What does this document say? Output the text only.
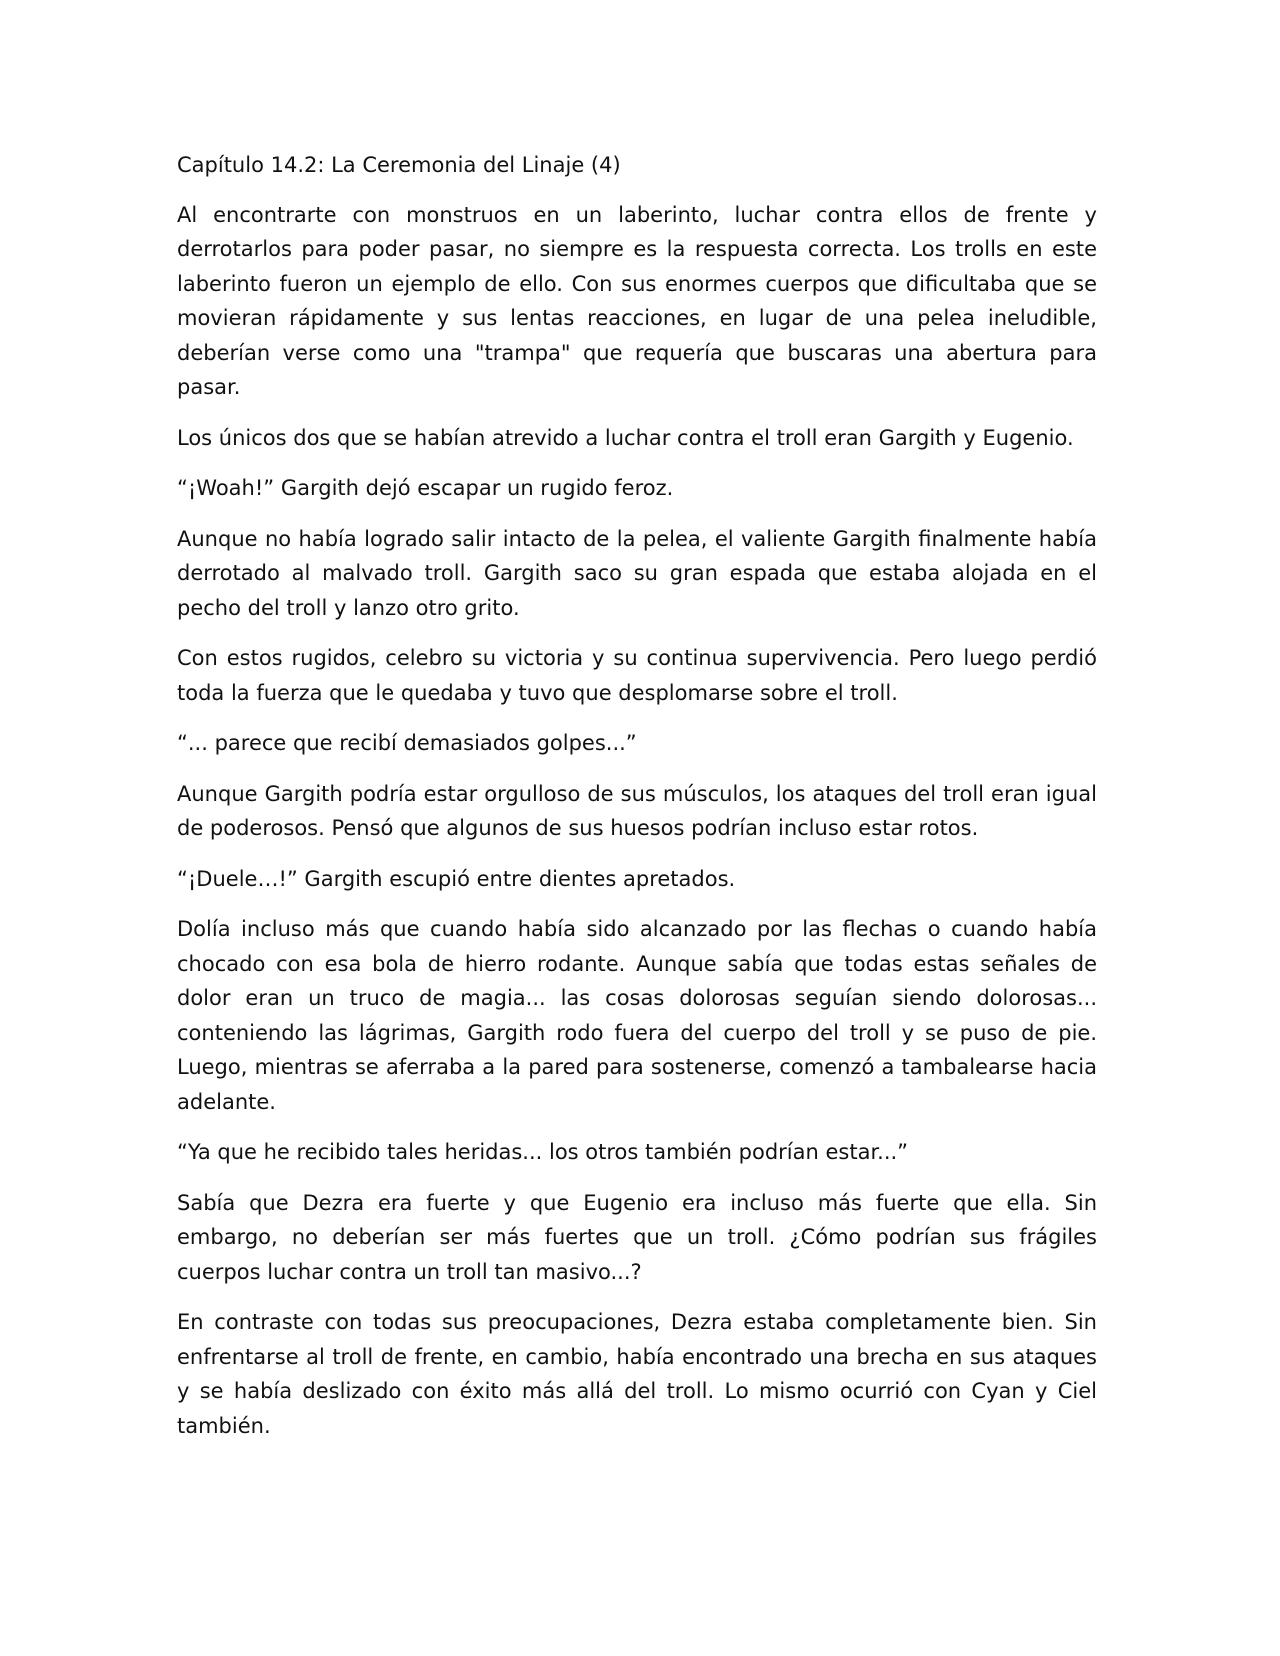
Capítulo 14.2: La Ceremonia del Linaje (4)

Al encontrarte con monstruos en un laberinto, luchar contra ellos de frente y derrotarlos para poder pasar, no siempre es la respuesta correcta. Los trolls en este laberinto fueron un ejemplo de ello. Con sus enormes cuerpos que dificultaba que se movieran rápidamente y sus lentas reacciones, en lugar de una pelea ineludible, deberían verse como una "trampa" que requería que buscaras una abertura para pasar.

Los únicos dos que se habían atrevido a luchar contra el troll eran Gargith y Eugenio.

“¡Woah!” Gargith dejó escapar un rugido feroz.

Aunque no había logrado salir intacto de la pelea, el valiente Gargith finalmente había derrotado al malvado troll. Gargith saco su gran espada que estaba alojada en el pecho del troll y lanzo otro grito.

Con estos rugidos, celebro su victoria y su continua supervivencia. Pero luego perdió toda la fuerza que le quedaba y tuvo que desplomarse sobre el troll.

“... parece que recibí demasiados golpes...”

Aunque Gargith podría estar orgulloso de sus músculos, los ataques del troll eran igual de poderosos. Pensó que algunos de sus huesos podrían incluso estar rotos.

“¡Duele…!” Gargith escupió entre dientes apretados.

Dolía incluso más que cuando había sido alcanzado por las flechas o cuando había chocado con esa bola de hierro rodante. Aunque sabía que todas estas señales de dolor eran un truco de magia... las cosas dolorosas seguían siendo dolorosas... conteniendo las lágrimas, Gargith rodo fuera del cuerpo del troll y se puso de pie. Luego, mientras se aferraba a la pared para sostenerse, comenzó a tambalearse hacia adelante.

“Ya que he recibido tales heridas... los otros también podrían estar...”

Sabía que Dezra era fuerte y que Eugenio era incluso más fuerte que ella. Sin embargo, no deberían ser más fuertes que un troll. ¿Cómo podrían sus frágiles cuerpos luchar contra un troll tan masivo...?

En contraste con todas sus preocupaciones, Dezra estaba completamente bien. Sin enfrentarse al troll de frente, en cambio, había encontrado una brecha en sus ataques y se había deslizado con éxito más allá del troll. Lo mismo ocurrió con Cyan y Ciel también.
